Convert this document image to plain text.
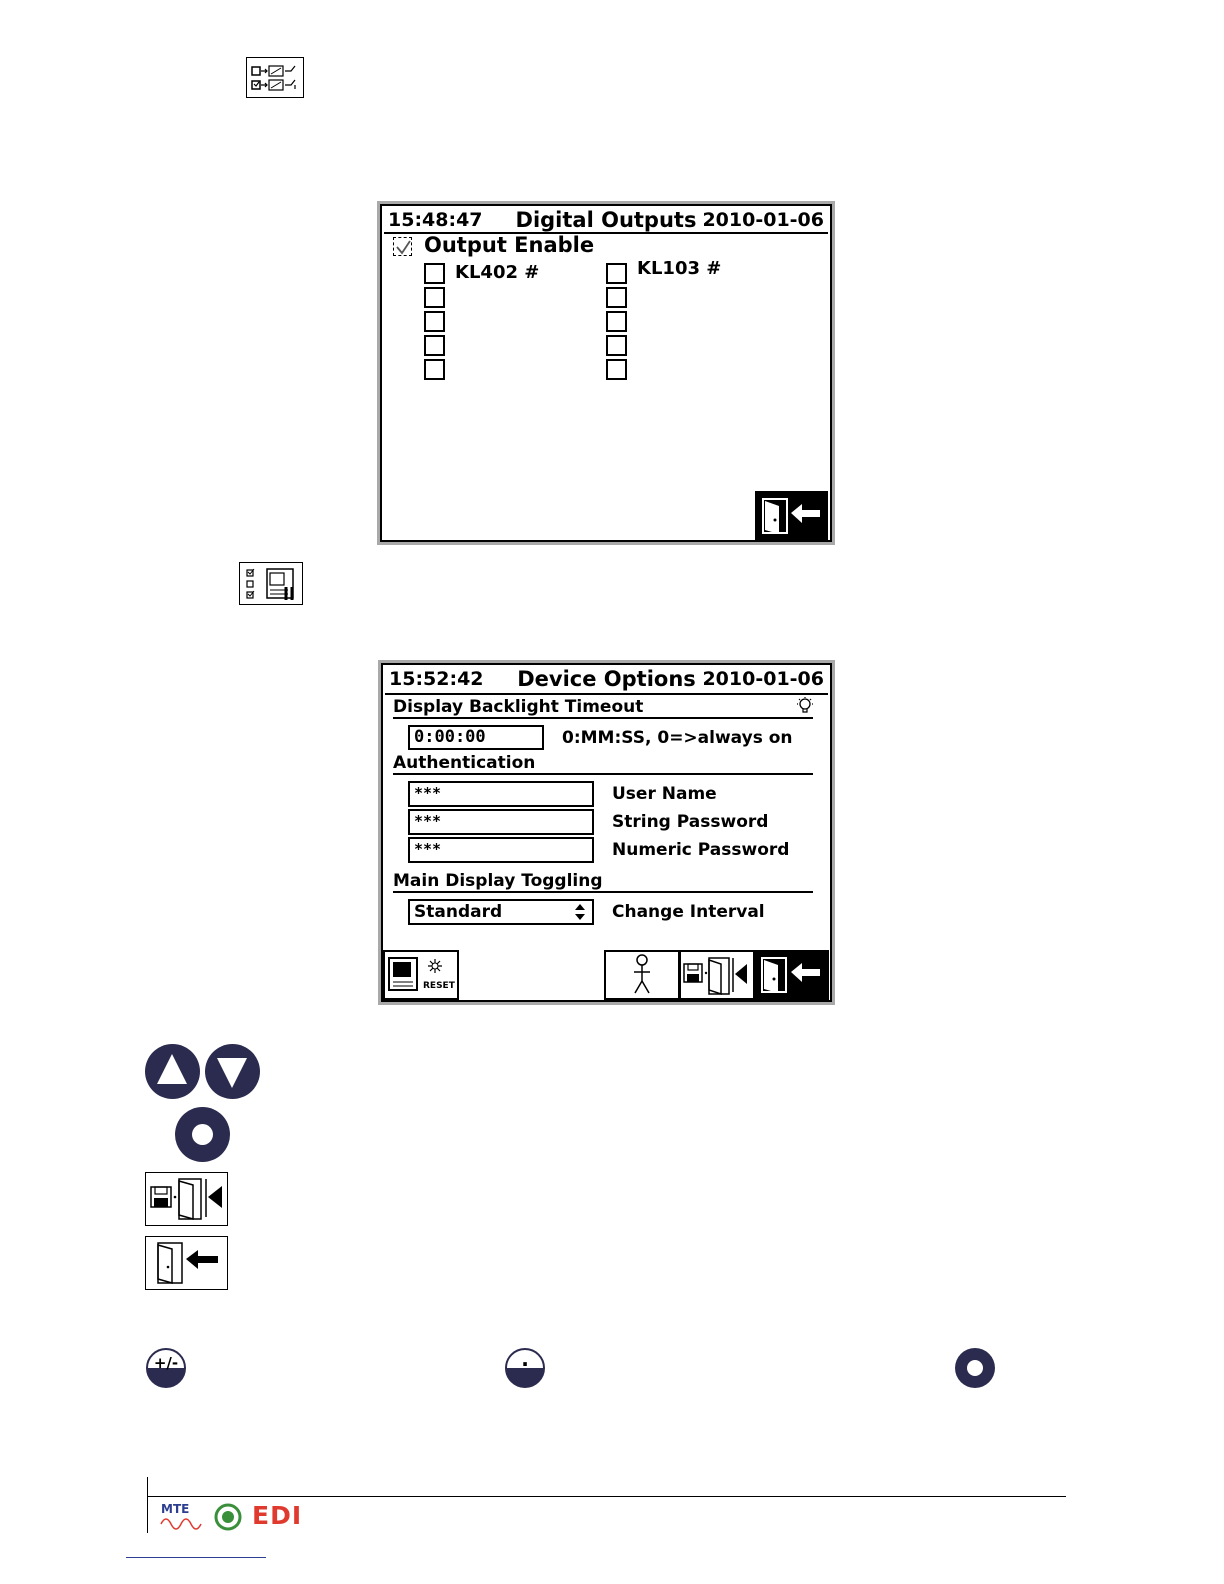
15:48:47	Digital Outputs 2010-01-06
Output Enable
KL402 #	KL103 #
15:52:42	Device Options 2010-01-06
Display Backlight Timeout
0:00:00	0:MM:SS, 0=>always on
Authentication
***	User Name
***	String Password
***	Numeric Password
Main Display Toggling
Standard	Change Interval
RESET
+/-	·
MTE	EDI
